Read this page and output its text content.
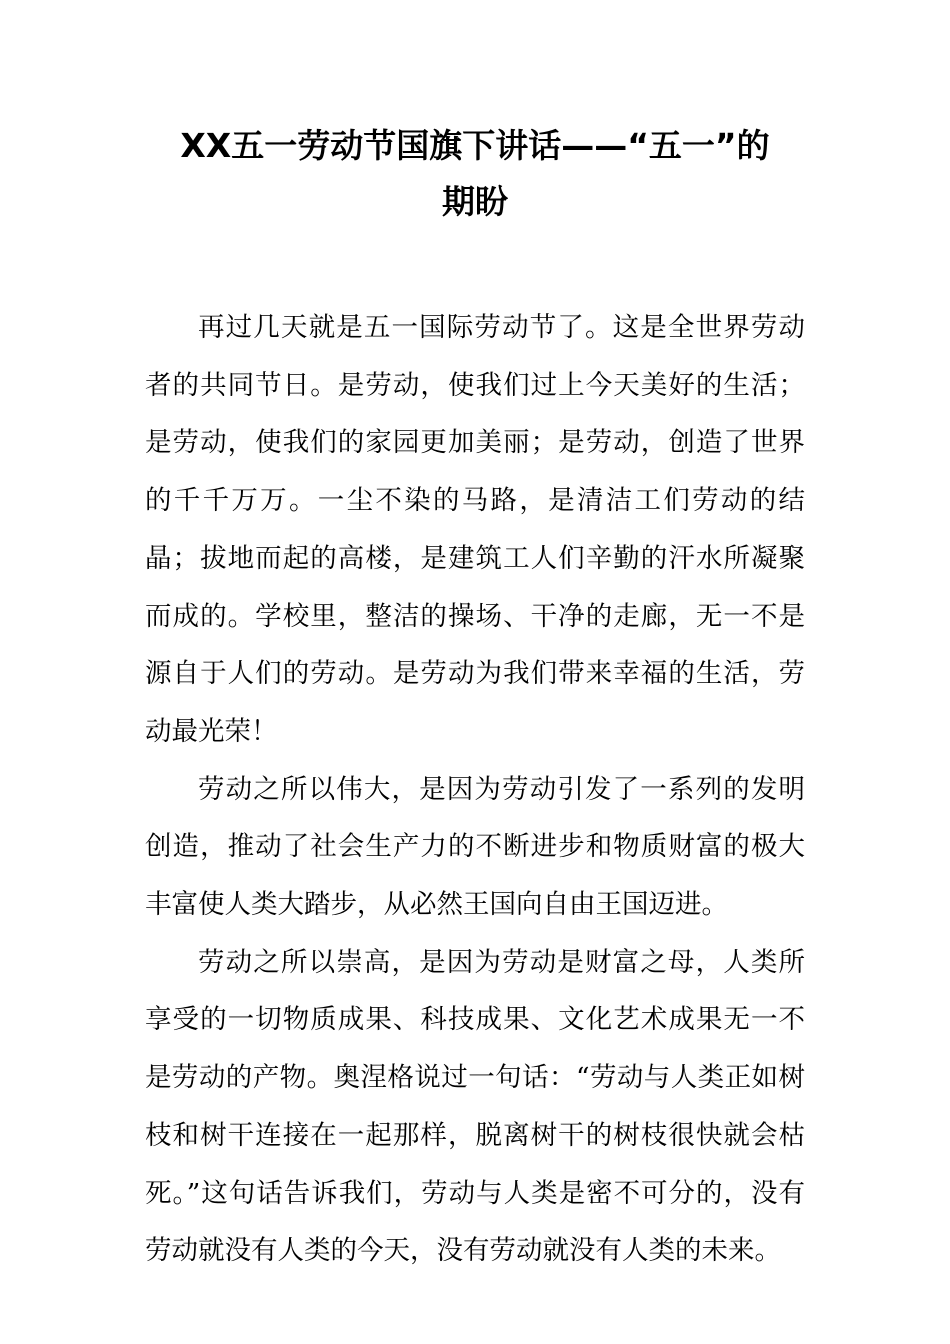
XX五一劳动节国旗下讲话——“五一”的
期盼

再过几天就是五一国际劳动节了。这是全世界劳动者的共同节日。是劳动，使我们过上今天美好的生活；是劳动，使我们的家园更加美丽；是劳动，创造了世界的千千万万。一尘不染的马路，是清洁工们劳动的结晶；拔地而起的高楼，是建筑工人们辛勤的汗水所凝聚而成的。学校里，整洁的操场、干净的走廊，无一不是源自于人们的劳动。是劳动为我们带来幸福的生活，劳动最光荣！

劳动之所以伟大，是因为劳动引发了一系列的发明创造，推动了社会生产力的不断进步和物质财富的极大丰富使人类大踏步，从必然王国向自由王国迈进。

劳动之所以崇高，是因为劳动是财富之母，人类所享受的一切物质成果、科技成果、文化艺术成果无一不是劳动的产物。奥涅格说过一句话：“劳动与人类正如树枝和树干连接在一起那样，脱离树干的树枝很快就会枯死。”这句话告诉我们，劳动与人类是密不可分的，没有劳动就没有人类的今天，没有劳动就没有人类的未来。
